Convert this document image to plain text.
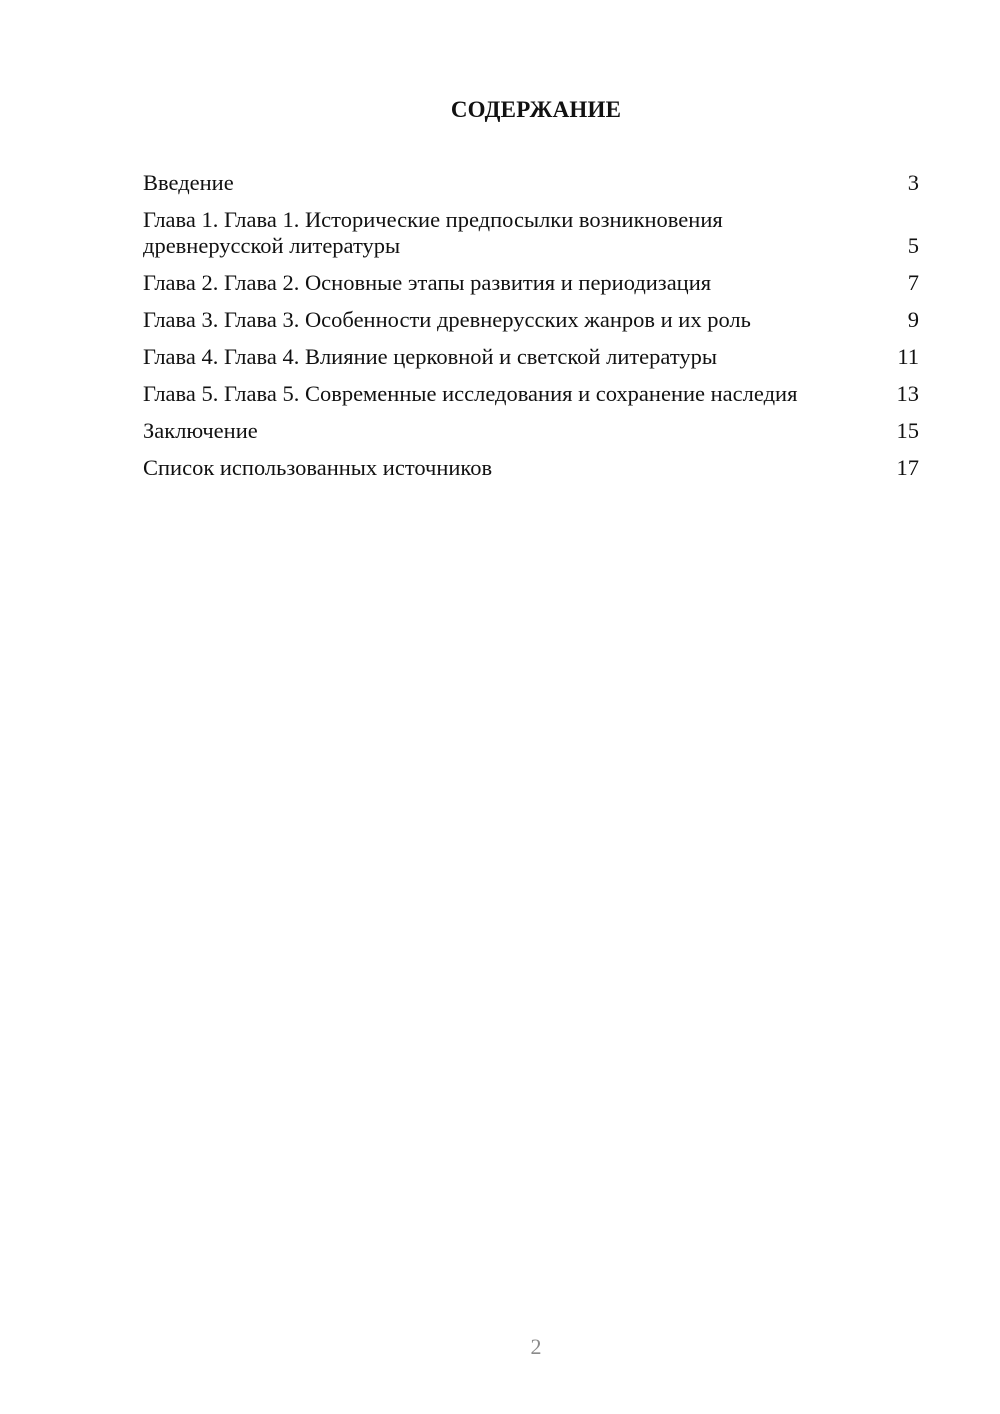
СОДЕРЖАНИЕ
Введение	3
Глава 1. Глава 1. Исторические предпосылки возникновения древнерусской литературы	5
Глава 2. Глава 2. Основные этапы развития и периодизация	7
Глава 3. Глава 3. Особенности древнерусских жанров и их роль	9
Глава 4. Глава 4. Влияние церковной и светской литературы	11
Глава 5. Глава 5. Современные исследования и сохранение наследия	13
Заключение	15
Список использованных источников	17
2
